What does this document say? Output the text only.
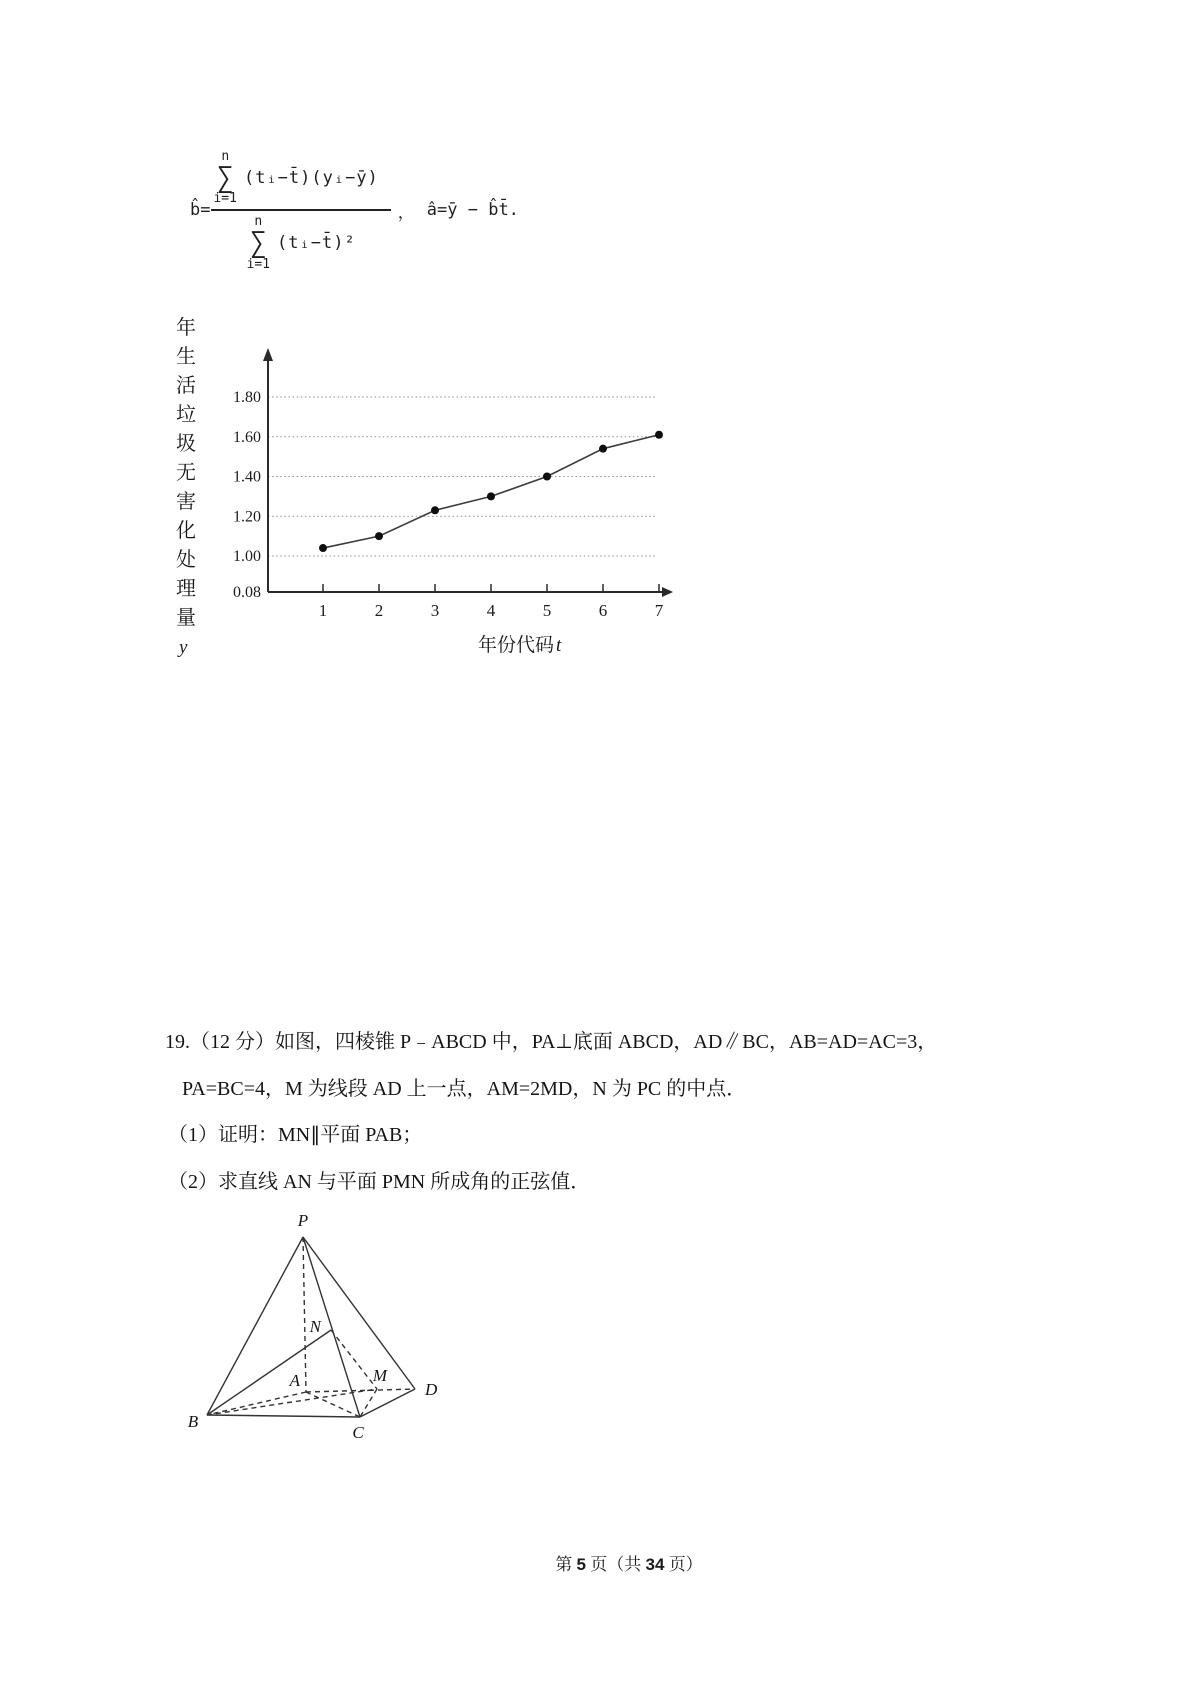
b̂= n
∑
i=1
(tᵢ−t̄)(yᵢ−ȳ)
n
∑
i=1
(tᵢ−t̄)² ， â=ȳ − b̂t̄.
年
生
活
垃
圾
无
害
化
处
理
量
y
1.80
1.60
1.40
1.20
1.00
0.08
1	2	3	4	5	6	7
年份代码 t
19.（12 分）如图，四棱锥 P﹣ABCD 中，PA⊥底面 ABCD，AD∥BC，AB=AD=AC=3，
PA=BC=4，M 为线段 AD 上一点，AM=2MD，N 为 PC 的中点．
（1）证明：MN∥平面 PAB；
（2）求直线 AN 与平面 PMN 所成角的正弦值．
P
A
B
C
D
M
N
第 5 页（共 34 页）
